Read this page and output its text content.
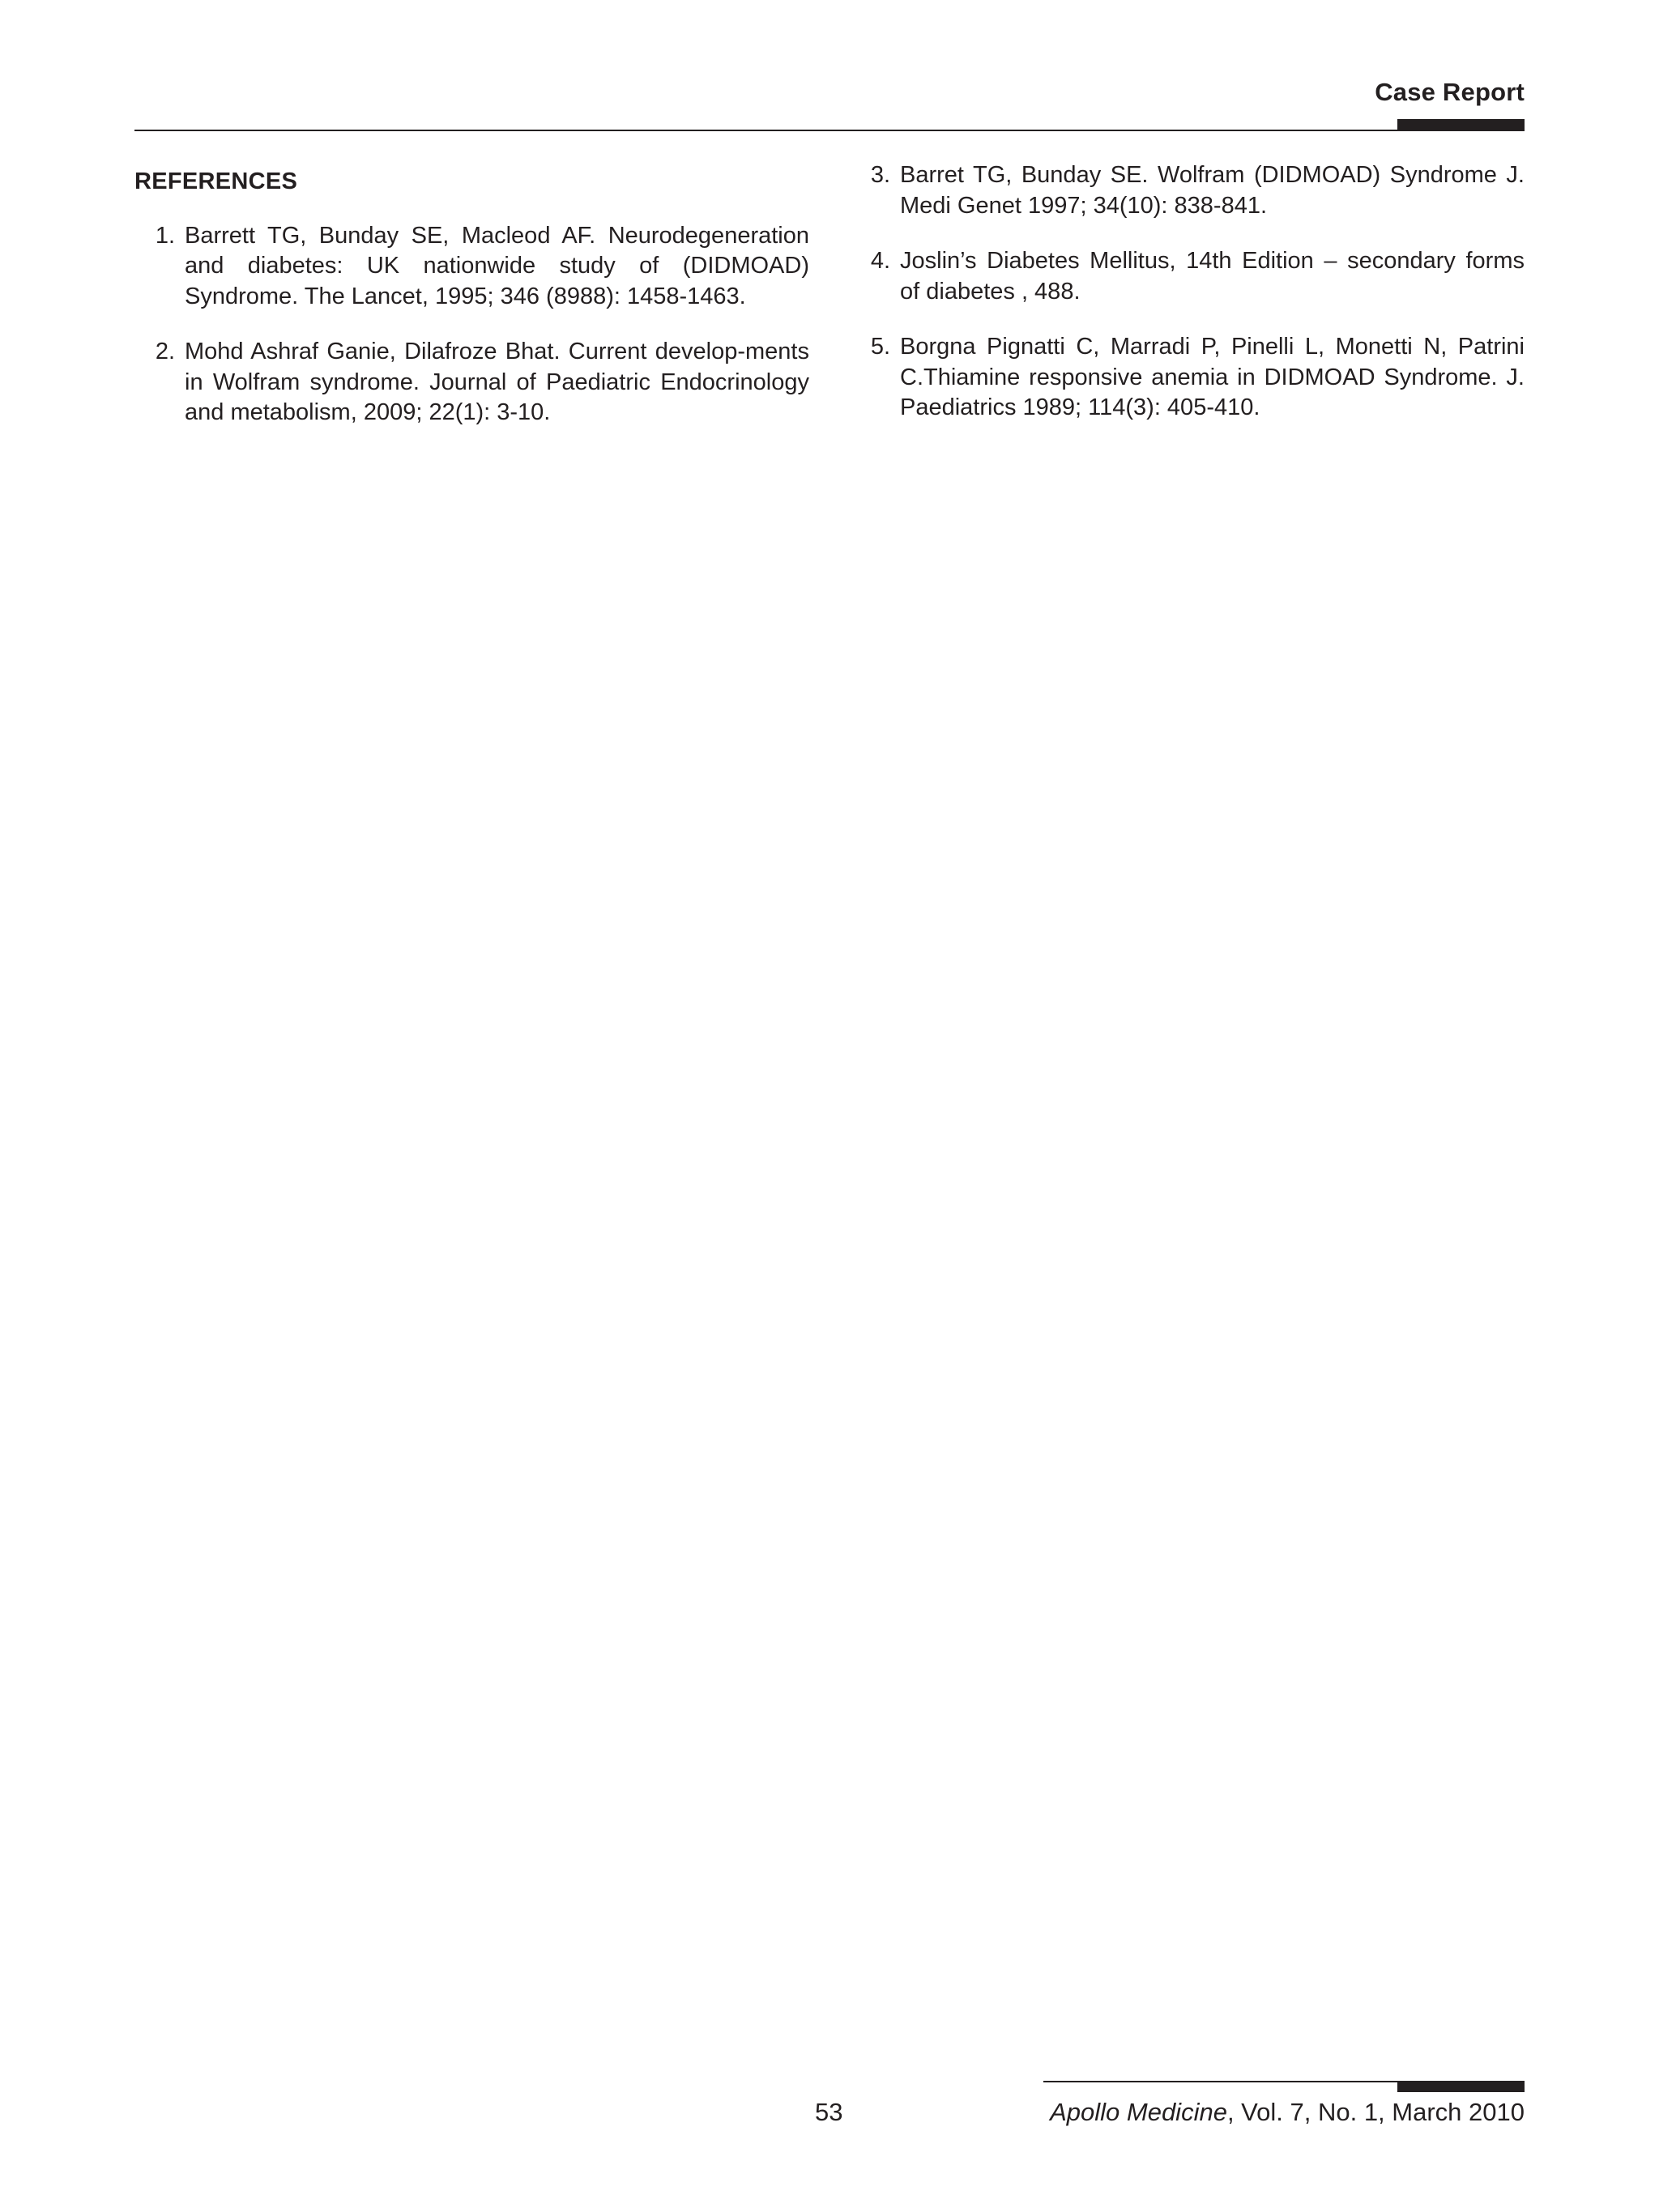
Case Report
REFERENCES
1. Barrett TG, Bunday SE, Macleod AF. Neurodegeneration and diabetes: UK nationwide study of (DIDMOAD) Syndrome. The Lancet, 1995; 346 (8988): 1458-1463.
2. Mohd Ashraf Ganie, Dilafroze Bhat. Current develop-ments in Wolfram syndrome. Journal of Paediatric Endocrinology and metabolism, 2009; 22(1): 3-10.
3. Barret TG, Bunday SE. Wolfram (DIDMOAD) Syndrome J. Medi Genet 1997; 34(10): 838-841.
4. Joslin’s Diabetes Mellitus, 14th Edition – secondary forms of diabetes , 488.
5. Borgna Pignatti C, Marradi P, Pinelli L, Monetti N, Patrini C.Thiamine responsive anemia in DIDMOAD Syndrome. J. Paediatrics 1989; 114(3): 405-410.
53	Apollo Medicine, Vol. 7, No. 1, March 2010
